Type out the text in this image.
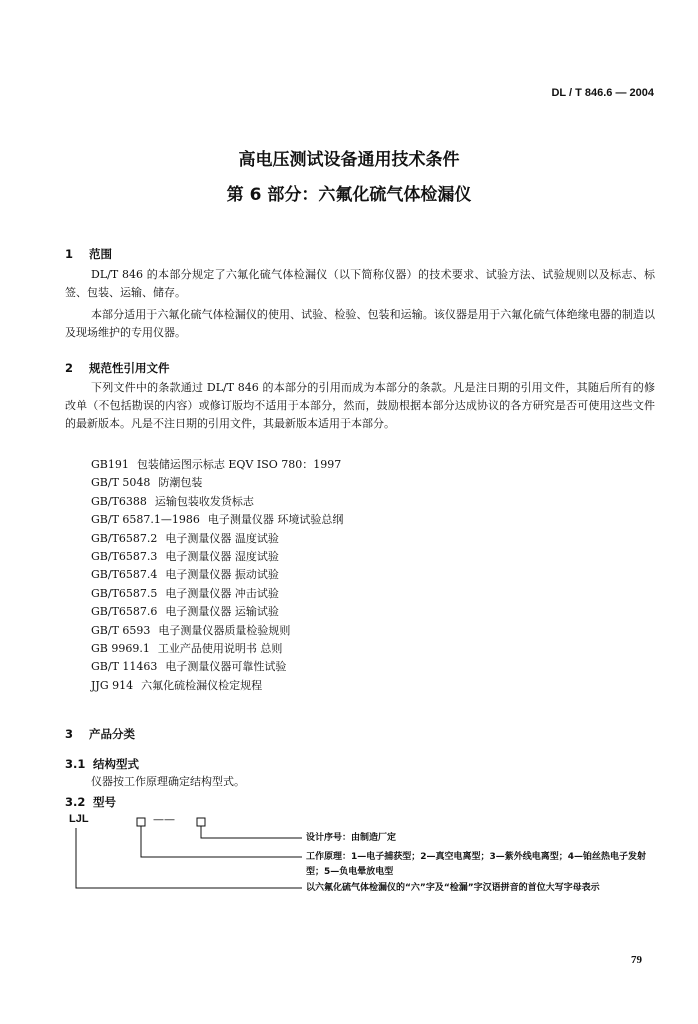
DL / T 846.6 — 2004
高电压测试设备通用技术条件
第 6 部分：六氟化硫气体检漏仪
1 范围
DL/T 846 的本部分规定了六氟化硫气体检漏仪（以下简称仪器）的技术要求、试验方法、试验规则以及标志、标签、包装、运输、储存。
本部分适用于六氟化硫气体检漏仪的使用、试验、检验、包装和运输。该仪器是用于六氟化硫气体绝缘电器的制造以及现场维护的专用仪器。
2 规范性引用文件
下列文件中的条款通过 DL/T 846 的本部分的引用而成为本部分的条款。凡是注日期的引用文件，其随后所有的修改单（不包括勘误的内容）或修订版均不适用于本部分，然而，鼓励根据本部分达成协议的各方研究是否可使用这些文件的最新版本。凡是不注日期的引用文件，其最新版本适用于本部分。
GB191 包装储运图示标志 EQV ISO 780：1997
GB/T 5048 防潮包装
GB/T6388 运输包装收发货标志
GB/T 6587.1—1986 电子测量仪器 环境试验总纲
GB/T6587.2 电子测量仪器 温度试验
GB/T6587.3 电子测量仪器 湿度试验
GB/T6587.4 电子测量仪器 振动试验
GB/T6587.5 电子测量仪器 冲击试验
GB/T6587.6 电子测量仪器 运输试验
GB/T 6593 电子测量仪器质量检验规则
GB 9969.1 工业产品使用说明书 总则
GB/T 11463 电子测量仪器可靠性试验
JJG 914 六氟化硫检漏仪检定规程
3 产品分类
3.1 结构型式
仪器按工作原理确定结构型式。
3.2 型号
LJL	——
设计序号：由制造厂定
工作原理：1—电子捕获型；2—真空电离型；3—紫外线电离型；4—铂丝热电子发射型；5—负电晕放电型
以六氟化硫气体检漏仪的“六”字及“检漏”字汉语拼音的首位大写字母表示
79
